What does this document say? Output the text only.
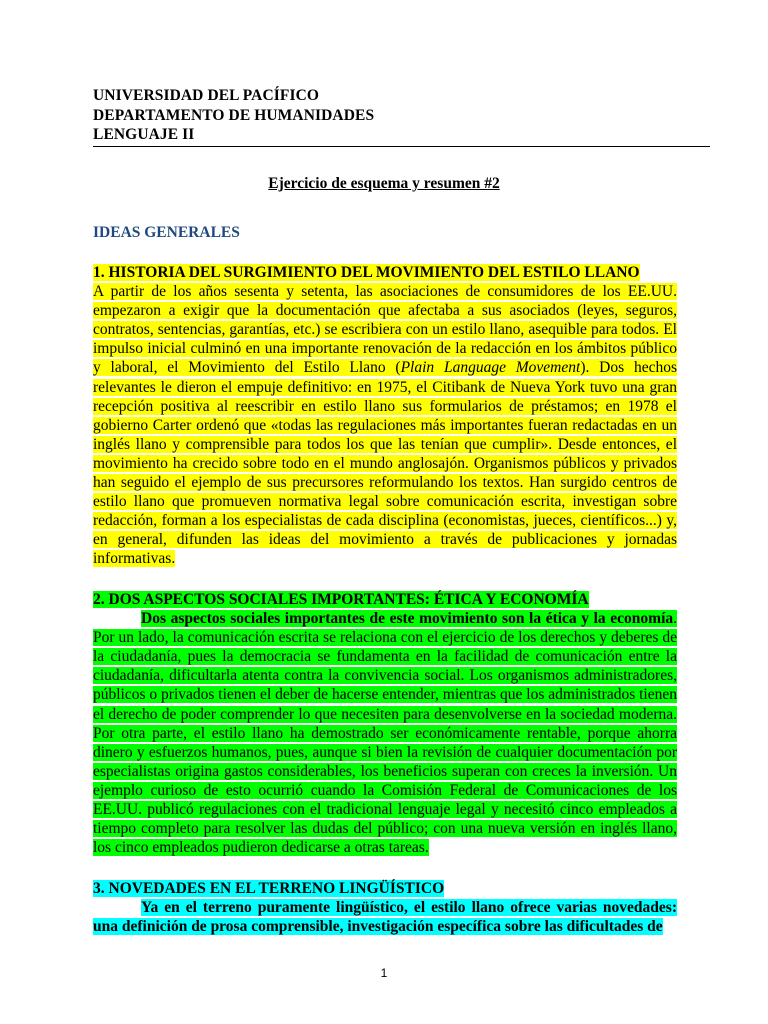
UNIVERSIDAD DEL PACÍFICO
DEPARTAMENTO DE HUMANIDADES
LENGUAJE II
Ejercicio de esquema y resumen #2
IDEAS GENERALES
1. HISTORIA DEL SURGIMIENTO DEL MOVIMIENTO DEL ESTILO LLANO

A partir de los años sesenta y setenta, las asociaciones de consumidores de los EE.UU. empezaron a exigir que la documentación que afectaba a sus asociados (leyes, seguros, contratos, sentencias, garantías, etc.) se escribiera con un estilo llano, asequible para todos. El impulso inicial culminó en una importante renovación de la redacción en los ámbitos público y laboral, el Movimiento del Estilo Llano (Plain Language Movement). Dos hechos relevantes le dieron el empuje definitivo: en 1975, el Citibank de Nueva York tuvo una gran recepción positiva al reescribir en estilo llano sus formularios de préstamos; en 1978 el gobierno Carter ordenó que «todas las regulaciones más importantes fueran redactadas en un inglés llano y comprensible para todos los que las tenían que cumplir». Desde entonces, el movimiento ha crecido sobre todo en el mundo anglosajón. Organismos públicos y privados han seguido el ejemplo de sus precursores reformulando los textos. Han surgido centros de estilo llano que promueven normativa legal sobre comunicación escrita, investigan sobre redacción, forman a los especialistas de cada disciplina (economistas, jueces, científicos...) y, en general, difunden las ideas del movimiento a través de publicaciones y jornadas informativas.

2. DOS ASPECTOS SOCIALES IMPORTANTES: ÉTICA Y ECONOMÍA

Dos aspectos sociales importantes de este movimiento son la ética y la economía. Por un lado, la comunicación escrita se relaciona con el ejercicio de los derechos y deberes de la ciudadanía, pues la democracia se fundamenta en la facilidad de comunicación entre la ciudadanía, dificultarla atenta contra la convivencia social. Los organismos administradores, públicos o privados tienen el deber de hacerse entender, mientras que los administrados tienen el derecho de poder comprender lo que necesiten para desenvolverse en la sociedad moderna. Por otra parte, el estilo llano ha demostrado ser económicamente rentable, porque ahorra dinero y esfuerzos humanos, pues, aunque si bien la revisión de cualquier documentación por especialistas origina gastos considerables, los beneficios superan con creces la inversión. Un ejemplo curioso de esto ocurrió cuando la Comisión Federal de Comunicaciones de los EE.UU. publicó regulaciones con el tradicional lenguaje legal y necesitó cinco empleados a tiempo completo para resolver las dudas del público; con una nueva versión en inglés llano, los cinco empleados pudieron dedicarse a otras tareas.

3. NOVEDADES EN EL TERRENO LINGÜÍSTICO

Ya en el terreno puramente lingüístico, el estilo llano ofrece varias novedades: una definición de prosa comprensible, investigación específica sobre las dificultades de

1
